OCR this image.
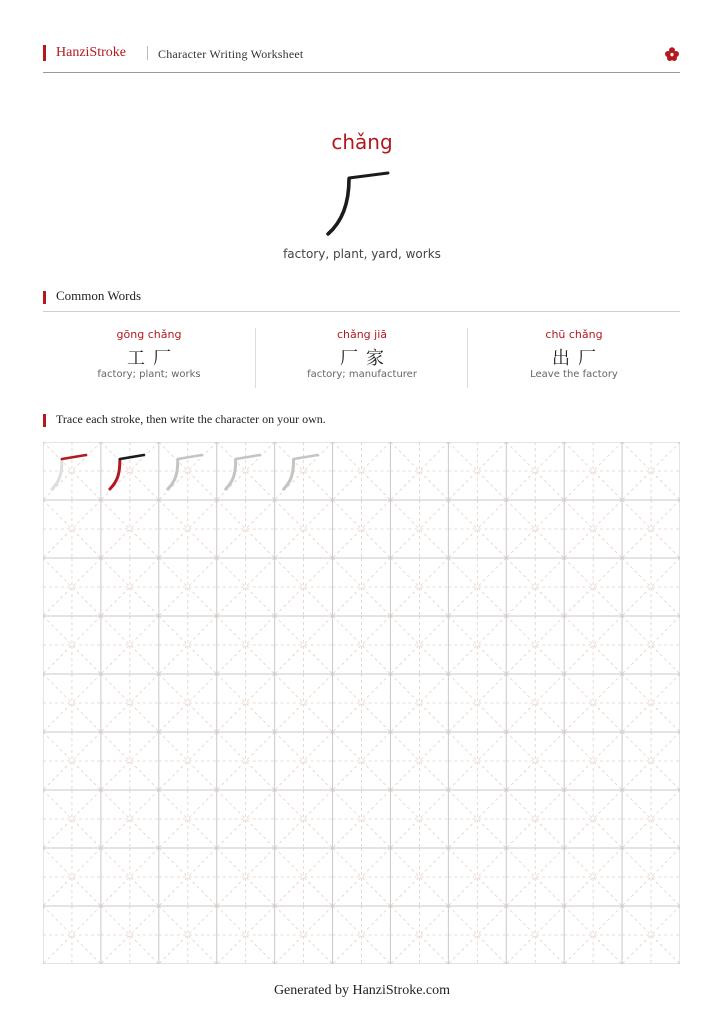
HanziStroke	Character Writing Worksheet
chǎng
factory, plant, yard, works
Common Words
gōng chǎng
工厂
factory; plant; works
chǎng jiā
厂家
factory; manufacturer
chū chǎng
出厂
Leave the factory
Trace each stroke, then write the character on your own.
Generated by HanziStroke.com
